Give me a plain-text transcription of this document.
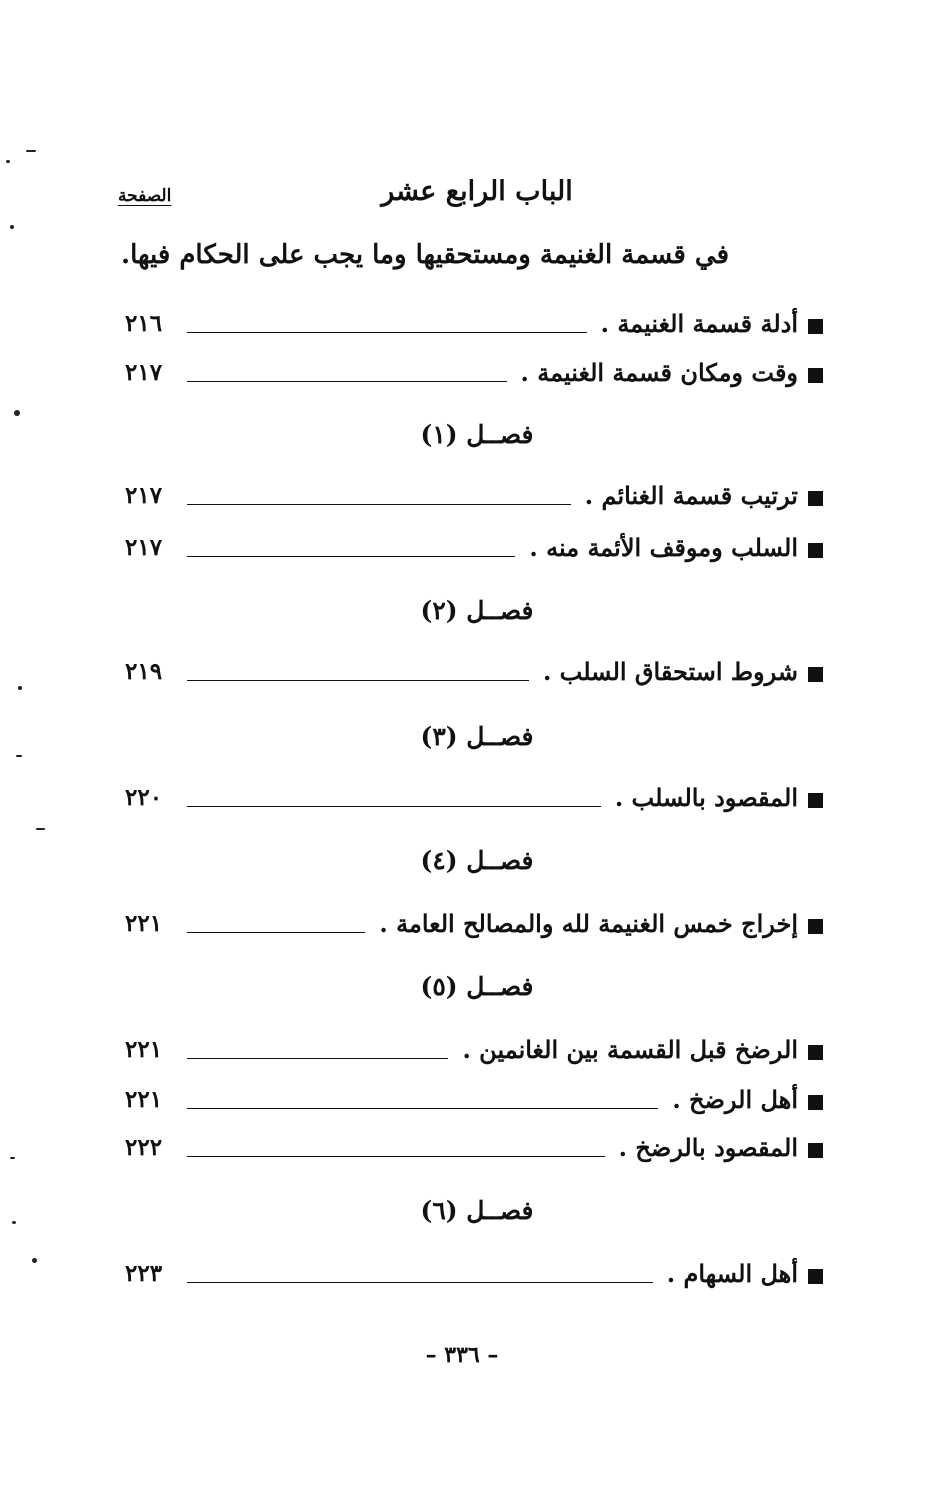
الصفحة	الباب الرابع عشر
في قسمة الغنيمة ومستحقيها وما يجب على الحكام فيها.
أدلة قسمة الغنيمة .
٢١٦
وقت ومكان قسمة الغنيمة .
٢١٧
فصــل (١)
ترتيب قسمة الغنائم .
٢١٧
السلب وموقف الأئمة منه .
٢١٧
فصــل (٢)
شروط استحقاق السلب .
٢١٩
فصــل (٣)
المقصود بالسلب .
٢٢٠
فصــل (٤)
إخراج خمس الغنيمة لله والمصالح العامة .
٢٢١
فصــل (٥)
الرضخ قبل القسمة بين الغانمين .
٢٢١
أهل الرضخ .
٢٢١
المقصود بالرضخ .
٢٢٢
فصــل (٦)
أهل السهام .
٢٢٣
– ٣٣٦ –
